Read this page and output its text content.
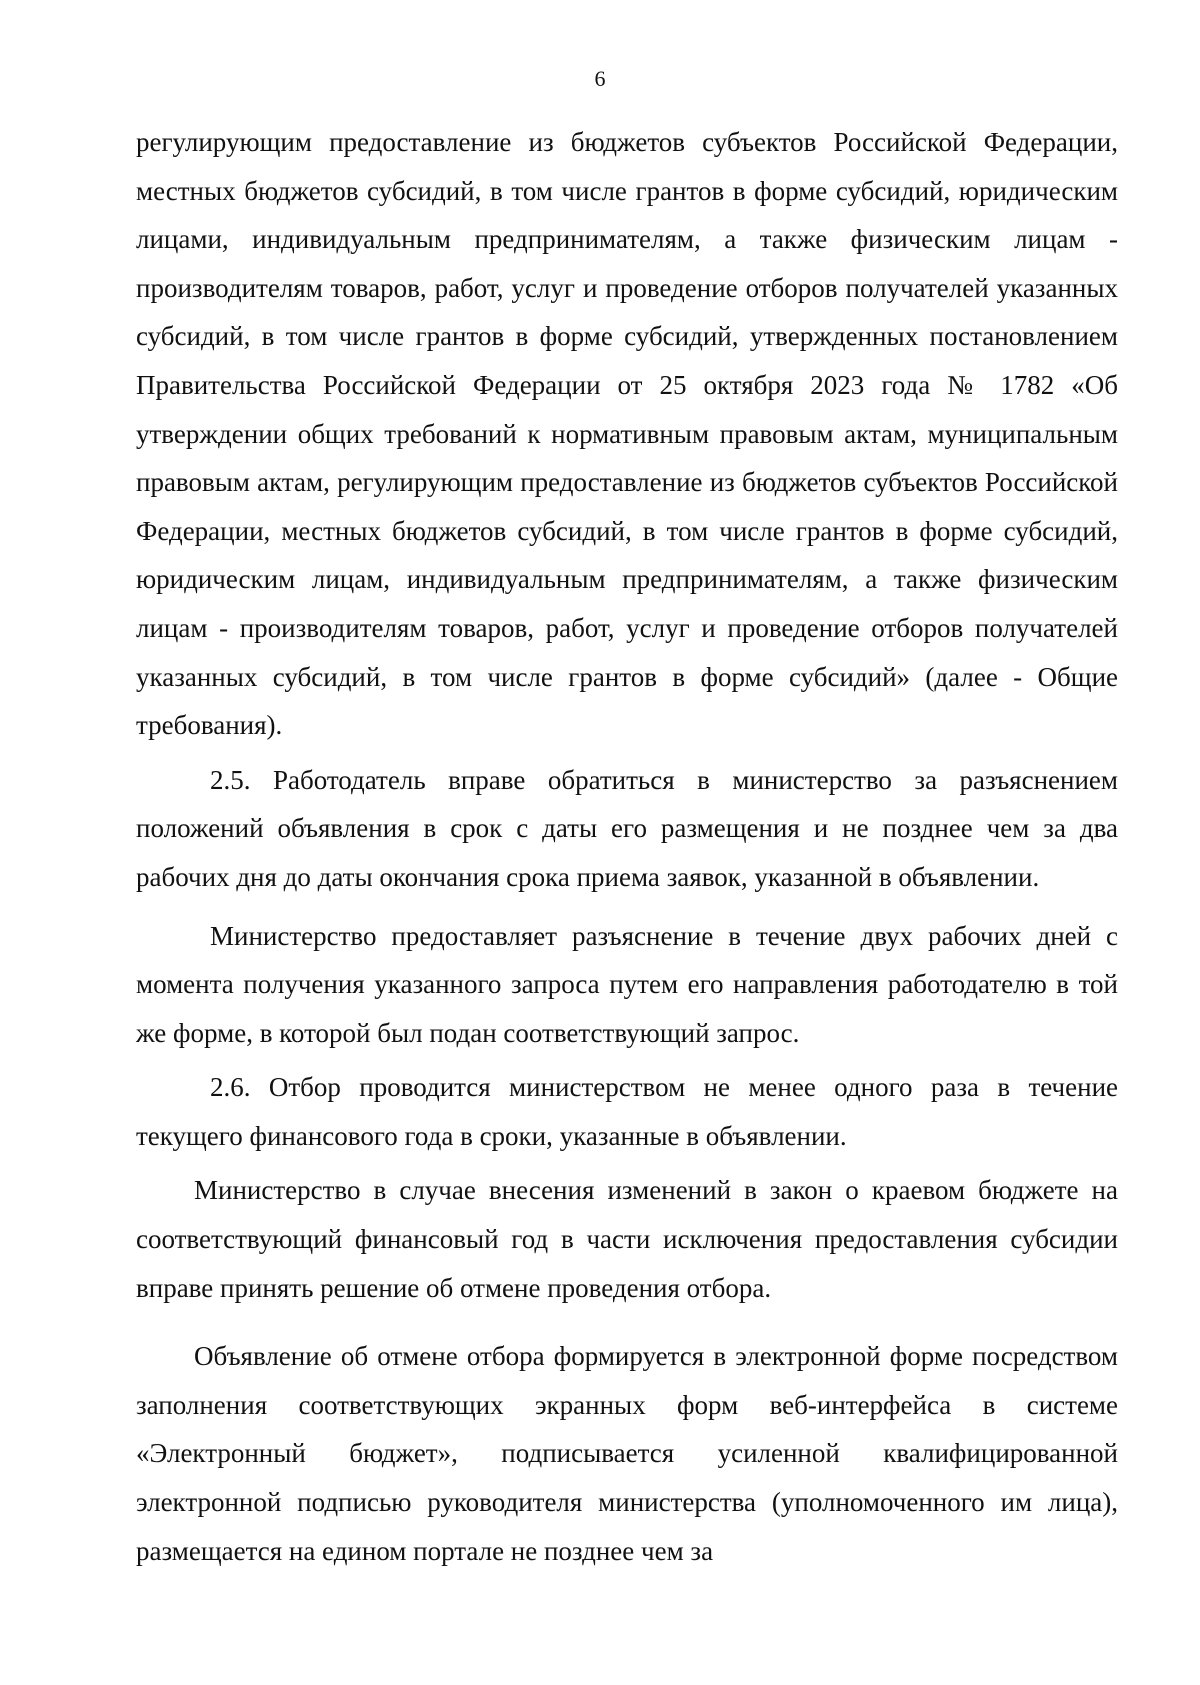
6

регулирующим предоставление из бюджетов субъектов Российской Федерации, местных бюджетов субсидий, в том числе грантов в форме субсидий, юридическим лицами, индивидуальным предпринимателям, а также физическим лицам - производителям товаров, работ, услуг и проведение отборов получателей указанных субсидий, в том числе грантов в форме субсидий, утвержденных постановлением Правительства Российской Федерации от 25 октября 2023 года № 1782 «Об утверждении общих требований к нормативным правовым актам, муниципальным правовым актам, регулирующим предоставление из бюджетов субъектов Российской Федерации, местных бюджетов субсидий, в том числе грантов в форме субсидий, юридическим лицам, индивидуальным предпринимателям, а также физическим лицам - производителям товаров, работ, услуг и проведение отборов получателей указанных субсидий, в том числе грантов в форме субсидий» (далее - Общие требования).

2.5. Работодатель вправе обратиться в министерство за разъяснением положений объявления в срок с даты его размещения и не позднее чем за два рабочих дня до даты окончания срока приема заявок, указанной в объявлении.

Министерство предоставляет разъяснение в течение двух рабочих дней с момента получения указанного запроса путем его направления работодателю в той же форме, в которой был подан соответствующий запрос.

2.6. Отбор проводится министерством не менее одного раза в течение текущего финансового года в сроки, указанные в объявлении.

Министерство в случае внесения изменений в закон о краевом бюджете на соответствующий финансовый год в части исключения предоставления субсидии вправе принять решение об отмене проведения отбора.

Объявление об отмене отбора формируется в электронной форме посредством заполнения соответствующих экранных форм веб-интерфейса в системе «Электронный бюджет», подписывается усиленной квалифицированной электронной подписью руководителя министерства (уполномоченного им лица), размещается на едином портале не позднее чем за
